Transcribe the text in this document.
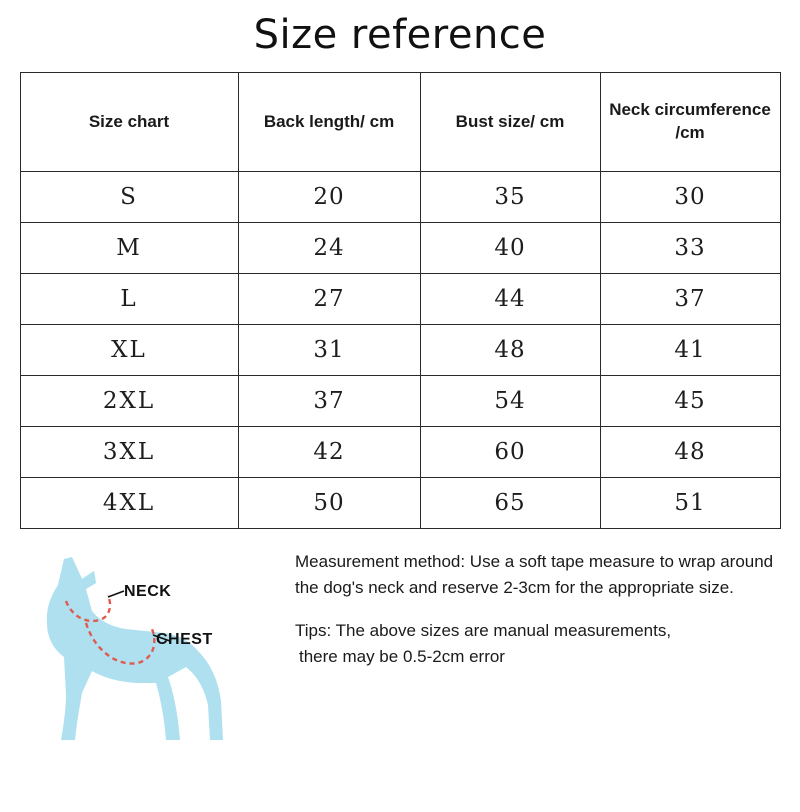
Size reference
Size chart	Back length/ cm	Bust size/ cm	Neck circumference /cm
S	20	35	30
M	24	40	33
L	27	44	37
XL	31	48	41
2XL	37	54	45
3XL	42	60	48
4XL	50	65	51
NECK
CHEST

Measurement method: Use a soft tape measure to wrap around the dog's neck and reserve 2-3cm for the appropriate size.

Tips: The above sizes are manual measurements,

there may be 0.5-2cm error
